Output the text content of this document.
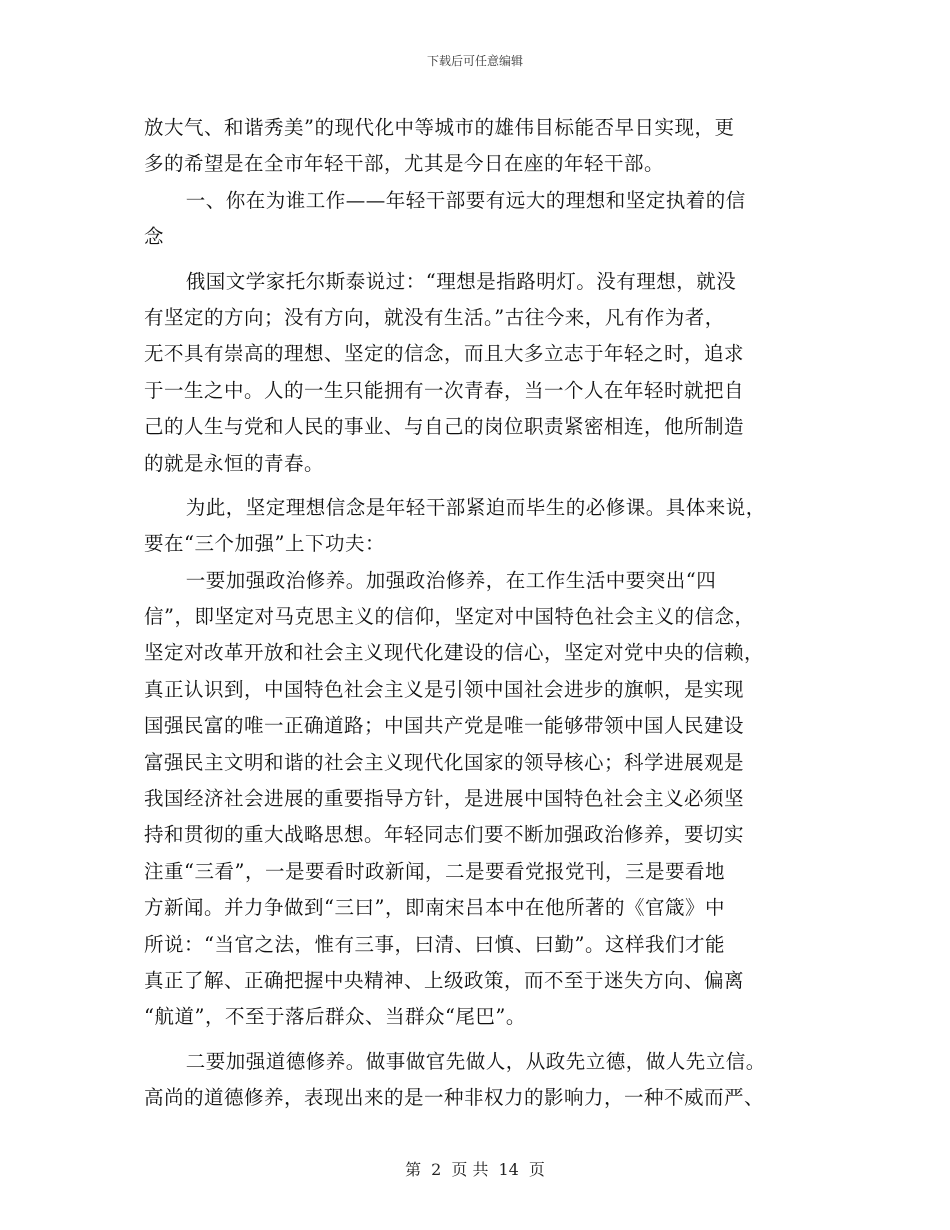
下载后可任意编辑
放大气、和谐秀美”的现代化中等城市的雄伟目标能否早日实现，更
多的希望是在全市年轻干部，尤其是今日在座的年轻干部。
一、你在为谁工作——年轻干部要有远大的理想和坚定执着的信
念
俄国文学家托尔斯泰说过：“理想是指路明灯。没有理想，就没
有坚定的方向；没有方向，就没有生活。”古往今来，凡有作为者，
无不具有崇高的理想、坚定的信念，而且大多立志于年轻之时，追求
于一生之中。人的一生只能拥有一次青春，当一个人在年轻时就把自
己的人生与党和人民的事业、与自己的岗位职责紧密相连，他所制造
的就是永恒的青春。
为此，坚定理想信念是年轻干部紧迫而毕生的必修课。具体来说，
要在“三个加强”上下功夫：
一要加强政治修养。加强政治修养，在工作生活中要突出“四
信”，即坚定对马克思主义的信仰，坚定对中国特色社会主义的信念，
坚定对改革开放和社会主义现代化建设的信心，坚定对党中央的信赖，
真正认识到，中国特色社会主义是引领中国社会进步的旗帜，是实现
国强民富的唯一正确道路；中国共产党是唯一能够带领中国人民建设
富强民主文明和谐的社会主义现代化国家的领导核心；科学进展观是
我国经济社会进展的重要指导方针，是进展中国特色社会主义必须坚
持和贯彻的重大战略思想。年轻同志们要不断加强政治修养，要切实
注重“三看”，一是要看时政新闻，二是要看党报党刊，三是要看地
方新闻。并力争做到“三曰”，即南宋吕本中在他所著的《官箴》中
所说：“当官之法，惟有三事，曰清、曰慎、曰勤”。这样我们才能
真正了解、正确把握中央精神、上级政策，而不至于迷失方向、偏离
“航道”，不至于落后群众、当群众“尾巴”。
二要加强道德修养。做事做官先做人，从政先立德，做人先立信。
高尚的道德修养，表现出来的是一种非权力的影响力，一种不威而严、
第 2 页 共 14 页
